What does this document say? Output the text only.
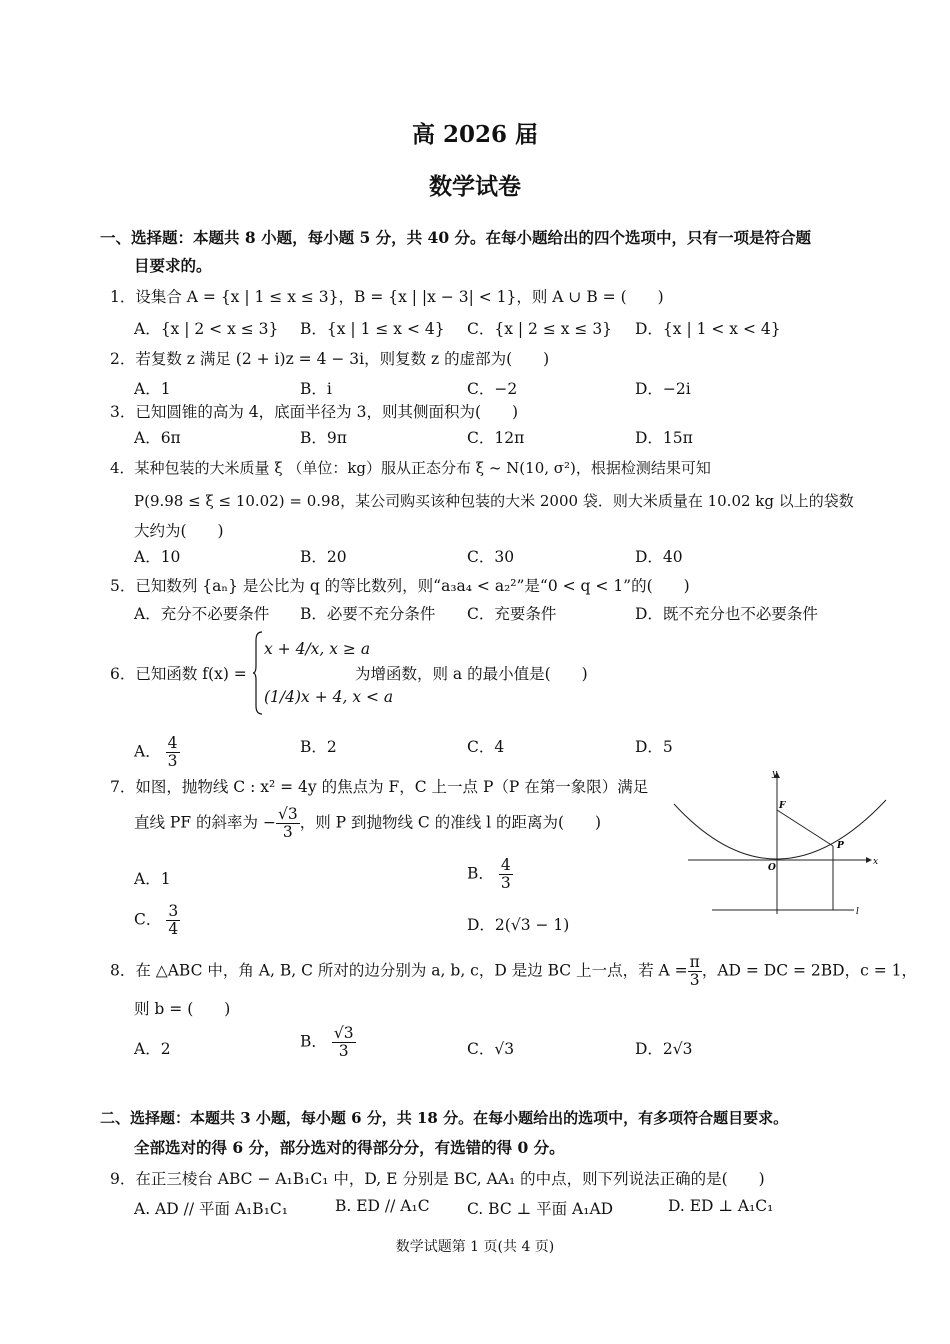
高 2026 届
数学试卷
一、选择题：本题共 8 小题，每小题 5 分，共 40 分。在每小题给出的四个选项中，只有一项是符合题
目要求的。
1．设集合 A = {x | 1 ≤ x ≤ 3}，B = {x | |x − 3| < 1}，则 A ∪ B = (　　)
A．{x | 2 < x ≤ 3} B．{x | 1 ≤ x < 4} C．{x | 2 ≤ x ≤ 3} D．{x | 1 < x < 4}
2．若复数 z 满足 (2 + i)z = 4 − 3i，则复数 z 的虚部为(　　)
A．1	B．i	C．−2	D．−2i
3．已知圆锥的高为 4，底面半径为 3，则其侧面积为(　　)
A．6π	B．9π	C．12π	D．15π
4．某种包装的大米质量 ξ （单位：kg）服从正态分布 ξ ~ N(10, σ²)，根据检测结果可知
P(9.98 ≤ ξ ≤ 10.02) = 0.98，某公司购买该种包装的大米 2000 袋．则大米质量在 10.02 kg 以上的袋数
大约为(　　)
A．10	B．20	C．30	D．40
5．已知数列 {aₙ} 是公比为 q 的等比数列，则“a₃a₄ < a₂²”是“0 < q < 1”的(　　)
A．充分不必要条件 B．必要不充分条件 C．充要条件	D．既不充分也不必要条件
6．已知函数 f(x) =
x + 4/x, x ≥ a
(1/4)x + 4, x < a
为增函数，则 a 的最小值是(　　)
A． $\frac{4}{3}$	B．2	C．4	D．5
7．如图，抛物线 C : x² = 4y 的焦点为 F，C 上一点 P（P 在第一象限）满足
直线 PF 的斜率为 − $\frac{√3}{3}$ ，则 P 到抛物线 C 的准线 l 的距离为(　　)
A．1	B． $\frac{4}{3}$
C． $\frac{3}{4}$	D．2(√3 − 1)
y
x
F
O
P
l
8．在 △ABC 中，角 A, B, C 所对的边分别为 a, b, c，D 是边 BC 上一点，若 $A = \frac{\pi}{3}$ ，AD = DC = 2BD，c = 1，
则 b = (　　)
A．2	B． $\frac{√3}{3}$	C．√3	D．2√3
二、选择题：本题共 3 小题，每小题 6 分，共 18 分。在每小题给出的选项中，有多项符合题目要求。
全部选对的得 6 分，部分选对的得部分分，有选错的得 0 分。
9．在正三棱台 ABC − A₁B₁C₁ 中，D, E 分别是 BC, AA₁ 的中点，则下列说法正确的是(　　)
A. AD // 平面 A₁B₁C₁	B. ED // A₁C C. BC ⊥ 平面 A₁AD	D. ED ⊥ A₁C₁
数学试题第 1 页(共 4 页)
